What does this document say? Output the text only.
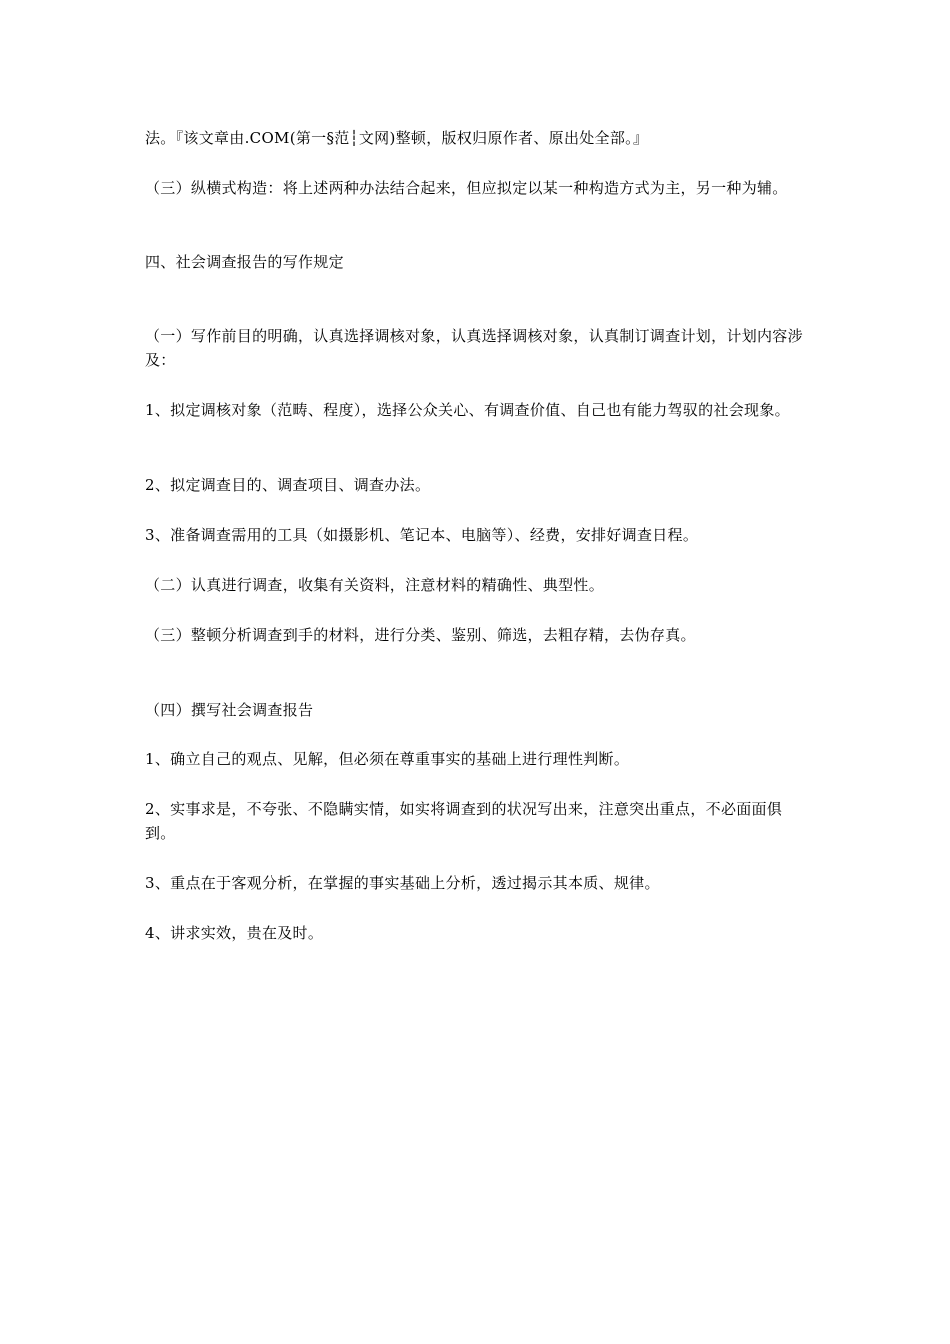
法。『该文章由.COM(第一§范┆文网)整顿，版权归原作者、原出处全部。』

（三）纵横式构造：将上述两种办法结合起来，但应拟定以某一种构造方式为主，另一种为辅。

四、社会调查报告的写作规定

（一）写作前目的明确，认真选择调核对象，认真选择调核对象，认真制订调查计划，计划内容涉及：

1、拟定调核对象（范畴、程度），选择公众关心、有调查价值、自己也有能力驾驭的社会现象。

2、拟定调查目的、调查项目、调查办法。

3、准备调查需用的工具（如摄影机、笔记本、电脑等）、经费，安排好调查日程。

（二）认真进行调查，收集有关资料，注意材料的精确性、典型性。

（三）整顿分析调查到手的材料，进行分类、鉴别、筛选，去粗存精，去伪存真。

（四）撰写社会调查报告

1、确立自己的观点、见解，但必须在尊重事实的基础上进行理性判断。

2、实事求是，不夸张、不隐瞒实情，如实将调查到的状况写出来，注意突出重点，不必面面俱到。

3、重点在于客观分析，在掌握的事实基础上分析，透过揭示其本质、规律。

4、讲求实效，贵在及时。
